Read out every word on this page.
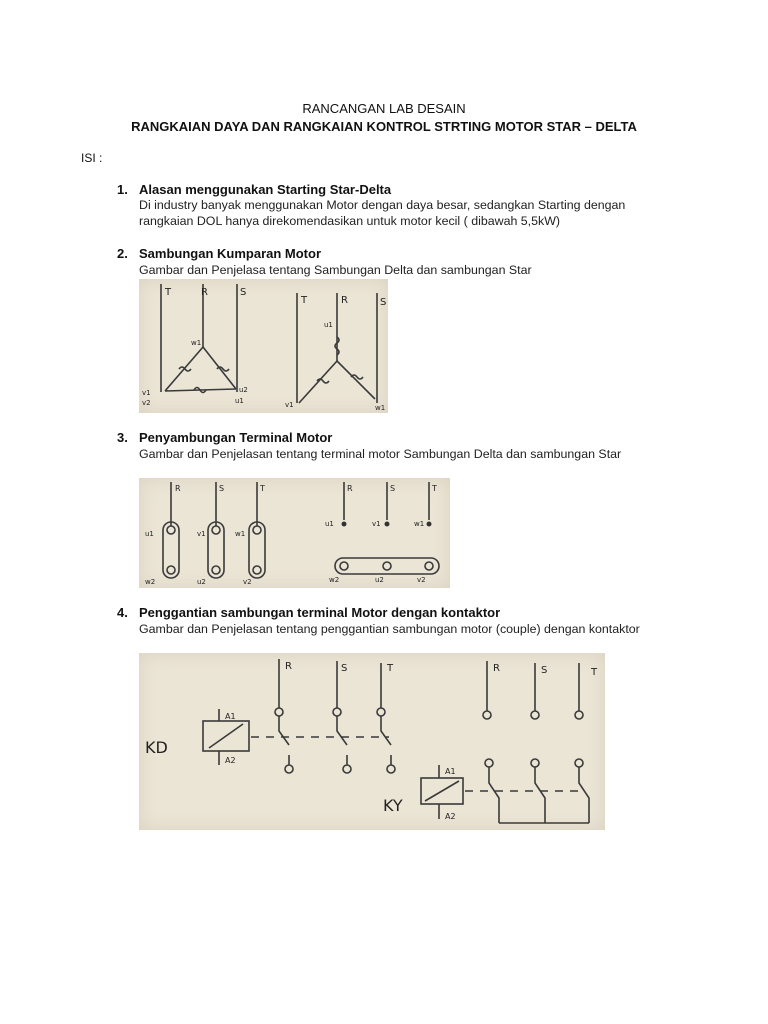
RANCANGAN LAB DESAIN
RANGKAIAN DAYA DAN RANGKAIAN KONTROL STRTING MOTOR STAR – DELTA
ISI :
1. Alasan menggunakan Starting Star-Delta
Di industry banyak menggunakan Motor dengan daya besar, sedangkan Starting dengan rangkaian DOL hanya direkomendasikan untuk motor kecil ( dibawah 5,5kW)
2. Sambungan Kumparan Motor
Gambar dan Penjelasa tentang Sambungan Delta dan sambungan Star
T	R	S
T	R	S
v1	u2
w1
u1
v2
u1
v1	w1
3. Penyambungan Terminal Motor
Gambar dan Penjelasan tentang terminal motor Sambungan Delta dan sambungan Star
R	S	T	R	S	T
u1	v1	w1
w2	u2	v2
u1	v1	w1
w2	u2	v2
4. Penggantian sambungan terminal Motor dengan kontaktor
Gambar dan Penjelasan tentang penggantian sambungan motor (couple) dengan kontaktor
R	S	T	R	S	T
KD
KY
A1
A2
A1
A2
